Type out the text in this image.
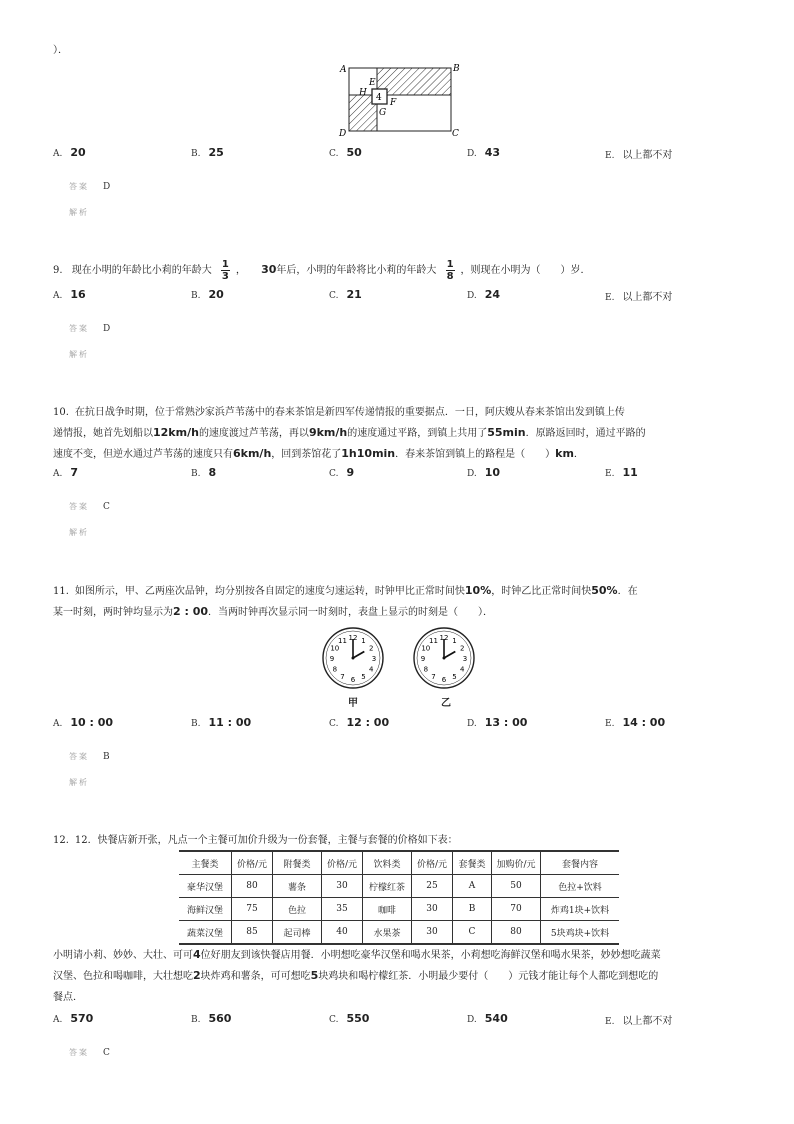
）．
4
A	B
C
D
E
F
G
H
A. 20	B. 25	C. 50	D. 43	E. 以上都不对
答案 D
解析
9. 现在小明的年龄比小莉的年龄大 $\frac{1}{3}$ ， 30年后，小明的年龄将比小莉的年龄大 $\frac{1}{8}$ ，则现在小明为（　　）岁．
A. 16	B. 20	C. 21	D. 24	E. 以上都不对
答案 D
解析
10. 在抗日战争时期，位于常熟沙家浜芦苇荡中的春来茶馆是新四军传递情报的重要据点．一日，阿庆嫂从春来茶馆出发到镇上传
递情报，她首先划船以12km/h的速度渡过芦苇荡，再以9km/h的速度通过平路，到镇上共用了55min．原路返回时，通过平路的
速度不变，但逆水通过芦苇荡的速度只有6km/h，回到茶馆花了1h10min．春来茶馆到镇上的路程是（　　）km．
A. 7	B. 8	C. 9	D. 10	E. 11
答案 C
解析
11. 如图所示，甲、乙两座次品钟，均分别按各自固定的速度匀速运转，时钟甲比正常时间快10%，时钟乙比正常时间快50%．在
某一时刻，两时钟均显示为2 : 00．当两时钟再次显示同一时刻时，表盘上显示的时刻是（　　）．
12 1
2
3
4
5
6
7
8
9
10
11	12 1
2
3
4
5
6
7
8
9
10
11
甲	乙
A. 10 : 00	B. 11 : 00	C. 12 : 00	D. 13 : 00	E. 14 : 00
答案 B
解析
12. 12．快餐店新开张，凡点一个主餐可加价升级为一份套餐，主餐与套餐的价格如下表：
主餐类	价格/元	附餐类	价格/元	饮料类	价格/元	套餐类	加购价/元	套餐内容
豪华汉堡	80	薯条	30	柠檬红茶	25	A	50	色拉+饮料
海鲜汉堡	75	色拉	35	咖啡	30	B	70	炸鸡1块+饮料
蔬菜汉堡	85	起司棒	40	水果茶	30	C	80	5块鸡块+饮料
小明请小莉、妙妙、大壮、可可4位好朋友到该快餐店用餐．小明想吃豪华汉堡和喝水果茶，小莉想吃海鲜汉堡和喝水果茶，妙妙想吃蔬菜
汉堡、色拉和喝咖啡，大壮想吃2块炸鸡和薯条，可可想吃5块鸡块和喝柠檬红茶．小明最少要付（　　）元钱才能让每个人都吃到想吃的
餐点．
A. 570	B. 560	C. 550	D. 540	E. 以上都不对
答案 C
